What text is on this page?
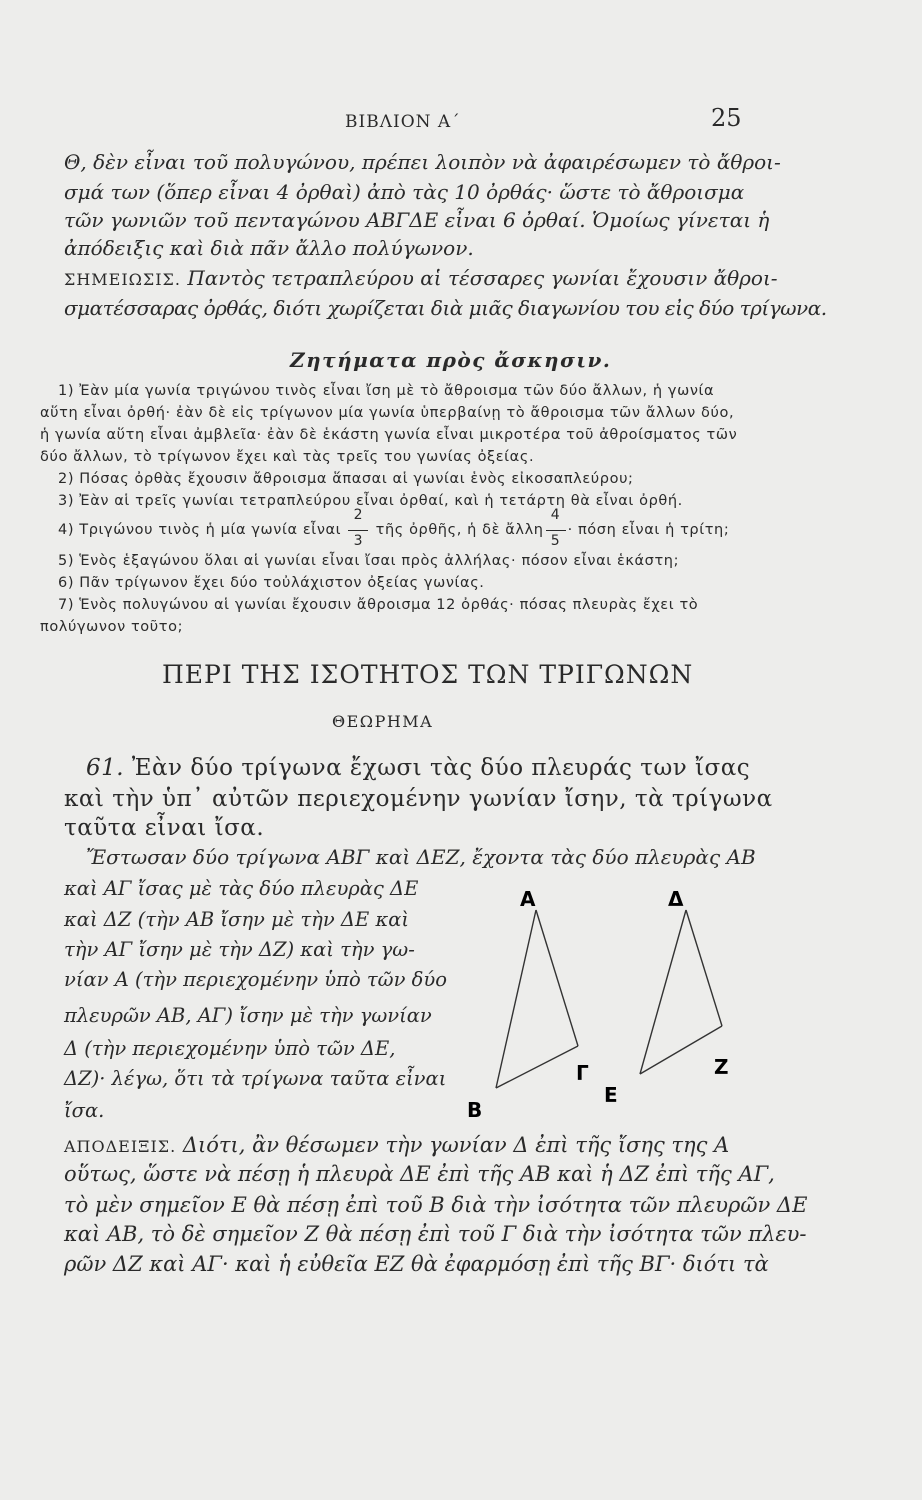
ΒΙΒΛΙΟΝ Α΄	25
Θ, δὲν εἶναι τοῦ πολυγώνου, πρέπει λοιπὸν νὰ ἀφαιρέσωμεν τὸ ἄθροι-
σμά των (ὅπερ εἶναι 4 ὀρθαὶ) ἀπὸ τὰς 10 ὀρθάς· ὥστε τὸ ἄθροισμα
τῶν γωνιῶν τοῦ πενταγώνου ΑΒΓΔΕ εἶναι 6 ὀρθαί. Ὁμοίως γίνεται ἡ
ἀπόδειξις καὶ διὰ πᾶν ἄλλο πολύγωνον.
ΣΗΜΕΙΩΣΙΣ. Παντὸς τετραπλεύρου αἱ τέσσαρες γωνίαι ἔχουσιν ἄθροι-
σματέσσαρας ὀρθάς, διότι χωρίζεται διὰ μιᾶς διαγωνίου του εἰς δύο τρίγωνα.
Ζητήματα πρὸς ἄσκησιν.
1) Ἐὰν μία γωνία τριγώνου τινὸς εἶναι ἴση μὲ τὸ ἄθροισμα τῶν δύο ἄλλων, ἡ γωνία
αὕτη εἶναι ὀρθή· ἐὰν δὲ εἰς τρίγωνον μία γωνία ὑπερβαίνῃ τὸ ἄθροισμα τῶν ἄλλων δύο,
ἡ γωνία αὕτη εἶναι ἀμβλεῖα· ἐὰν δὲ ἑκάστη γωνία εἶναι μικροτέρα τοῦ ἀθροίσματος τῶν
δύο ἄλλων, τὸ τρίγωνον ἔχει καὶ τὰς τρεῖς του γωνίας ὀξείας.
2) Πόσας ὀρθὰς ἔχουσιν ἄθροισμα ἅπασαι αἱ γωνίαι ἑνὸς εἰκοσαπλεύρου;
3) Ἐὰν αἱ τρεῖς γωνίαι τετραπλεύρου εἶναι ὀρθαί, καὶ ἡ τετάρτη θὰ εἶναι ὀρθή.
4) Τριγώνου τινὸς ἡ μία γωνία εἶναι $\frac{2}{3}$ τῆς ὀρθῆς, ἡ δὲ ἄλλη $\frac{4}{5} \cdot \pi ό\sigma\eta$ εἶναι ἡ τρίτη;
5) Ἑνὸς ἑξαγώνου ὅλαι αἱ γωνίαι εἶναι ἴσαι πρὸς ἀλλήλας· πόσον εἶναι ἑκάστη;
6) Πᾶν τρίγωνον ἔχει δύο τοὐλάχιστον ὀξείας γωνίας.
7) Ἑνὸς πολυγώνου αἱ γωνίαι ἔχουσιν ἄθροισμα 12 ὀρθάς· πόσας πλευρὰς ἔχει τὸ
πολύγωνον τοῦτο;
ΠΕΡΙ ΤΗΣ ΙΣΟΤΗΤΟΣ ΤΩΝ ΤΡΙΓΩΝΩΝ
ΘΕΩΡΗΜΑ
61. Ἐὰν δύο τρίγωνα ἔχωσι τὰς δύο πλευράς των ἴσας
καὶ τὴν ὑπ᾽ αὐτῶν περιεχομένην γωνίαν ἴσην, τὰ τρίγωνα
ταῦτα εἶναι ἴσα.
Ἔστωσαν δύο τρίγωνα ΑΒΓ καὶ ΔΕΖ, ἔχοντα τὰς δύο πλευρὰς ΑΒ
καὶ ΑΓ ἴσας μὲ τὰς δύο πλευρὰς ΔΕ
καὶ ΔΖ (τὴν ΑΒ ἴσην μὲ τὴν ΔΕ καὶ
τὴν ΑΓ ἴσην μὲ τὴν ΔΖ) καὶ τὴν γω-
νίαν Α (τὴν περιεχομένην ὑπὸ τῶν δύο
πλευρῶν ΑΒ, ΑΓ) ἴσην μὲ τὴν γωνίαν
Δ (τὴν περιεχομένην ὑπὸ τῶν ΔΕ,
ΔΖ)· λέγω, ὅτι τὰ τρίγωνα ταῦτα εἶναι
ἴσα.
Α
Β
Γ
Δ
Ε
Ζ
ΑΠΟΔΕΙΞΙΣ. Διότι, ἂν θέσωμεν τὴν γωνίαν Δ ἐπὶ τῆς ἴσης της Α
οὕτως, ὥστε νὰ πέσῃ ἡ πλευρὰ ΔΕ ἐπὶ τῆς ΑΒ καὶ ἡ ΔΖ ἐπὶ τῆς ΑΓ,
τὸ μὲν σημεῖον Ε θὰ πέσῃ ἐπὶ τοῦ Β διὰ τὴν ἰσότητα τῶν πλευρῶν ΔΕ
καὶ ΑΒ, τὸ δὲ σημεῖον Ζ θὰ πέσῃ ἐπὶ τοῦ Γ διὰ τὴν ἰσότητα τῶν πλευ-
ρῶν ΔΖ καὶ ΑΓ· καὶ ἡ εὐθεῖα ΕΖ θὰ ἐφαρμόσῃ ἐπὶ τῆς ΒΓ· διότι τὰ
